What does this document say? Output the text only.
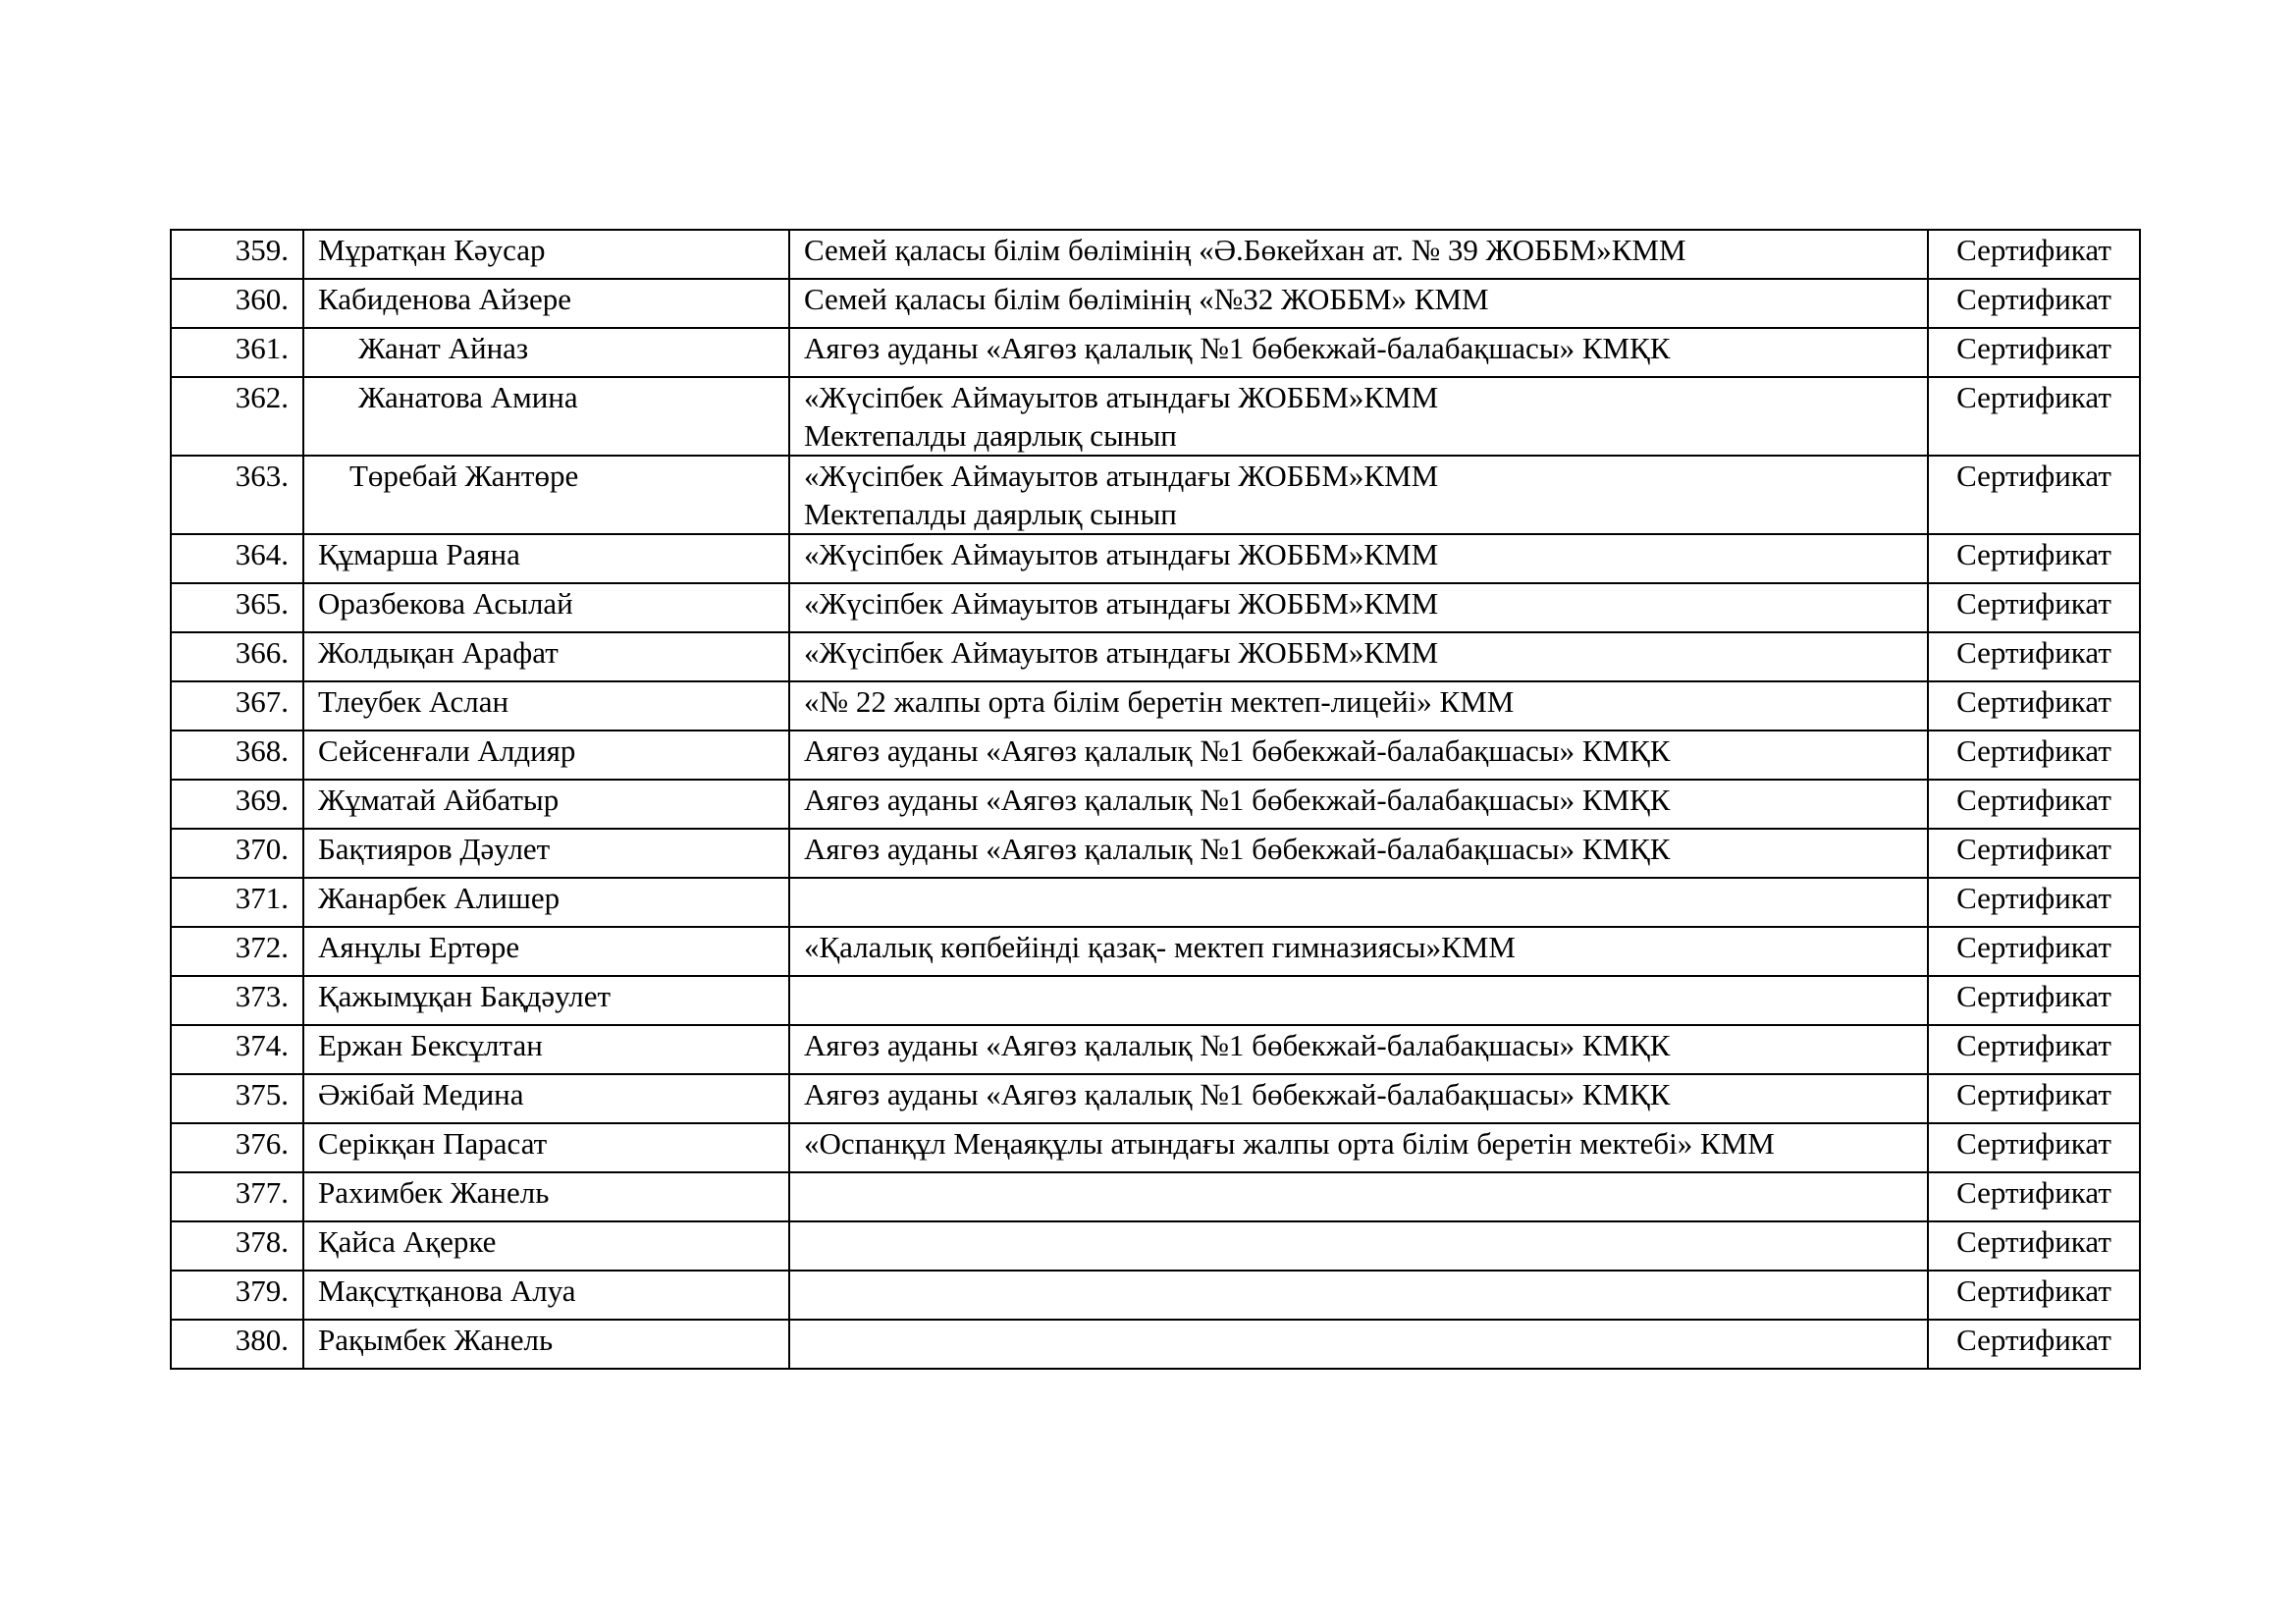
359.	Мұратқан Кәусар	Семей қаласы білім бөлімінің «Ә.Бөкейхан ат. № 39 ЖОББМ»КММ	Сертификат
360.	Кабиденова Айзере	Семей қаласы білім бөлімінің «№32 ЖОББМ» КММ	Сертификат
361.	Жанат Айназ	Аягөз ауданы «Аягөз қалалық №1 бөбекжай-балабақшасы» КМҚК	Сертификат
362.	Жанатова Амина	«Жүсіпбек Аймауытов атындағы ЖОББМ»КММ
Мектепалды даярлық сынып	Сертификат
363.	Төребай Жантөре	«Жүсіпбек Аймауытов атындағы ЖОББМ»КММ
Мектепалды даярлық сынып	Сертификат
364.	Құмарша Раяна	«Жүсіпбек Аймауытов атындағы ЖОББМ»КММ	Сертификат
365.	Оразбекова Асылай	«Жүсіпбек Аймауытов атындағы ЖОББМ»КММ	Сертификат
366.	Жолдықан Арафат	«Жүсіпбек Аймауытов атындағы ЖОББМ»КММ	Сертификат
367.	Тлеубек Аслан	«№ 22 жалпы орта білім беретін мектеп-лицейі» КММ	Сертификат
368.	Сейсенғали Алдияр	Аягөз ауданы «Аягөз қалалық №1 бөбекжай-балабақшасы» КМҚК	Сертификат
369.	Жұматай Айбатыр	Аягөз ауданы «Аягөз қалалық №1 бөбекжай-балабақшасы» КМҚК	Сертификат
370.	Бақтияров Дәулет	Аягөз ауданы «Аягөз қалалық №1 бөбекжай-балабақшасы» КМҚК	Сертификат
371.	Жанарбек Алишер		Сертификат
372.	Аянұлы Ертөре	«Қалалық көпбейінді қазақ- мектеп гимназиясы»КММ	Сертификат
373.	Қажымұқан Бақдәулет		Сертификат
374.	Ержан Бексұлтан	Аягөз ауданы «Аягөз қалалық №1 бөбекжай-балабақшасы» КМҚК	Сертификат
375.	Әжібай Медина	Аягөз ауданы «Аягөз қалалық №1 бөбекжай-балабақшасы» КМҚК	Сертификат
376.	Серікқан Парасат	«Оспанқұл Меңаяқұлы атындағы жалпы орта білім беретін мектебі» КММ	Сертификат
377.	Рахимбек Жанель		Сертификат
378.	Қайса Ақерке		Сертификат
379.	Мақсұтқанова Алуа		Сертификат
380.	Рақымбек Жанель		Сертификат
